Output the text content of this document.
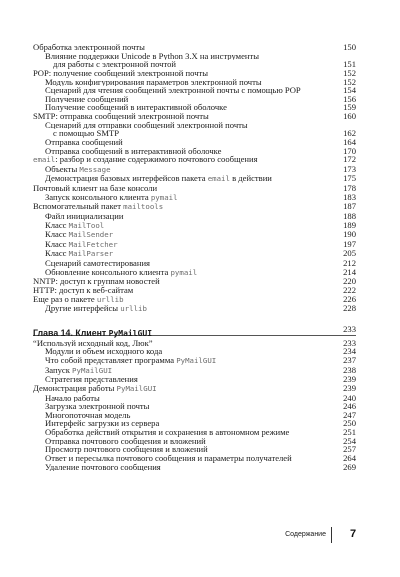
Обработка электронной почты	150
Влияние поддержки Unicode в Python 3.X на инструменты
для работы с электронной почтой	151
POP: получение сообщений электронной почты	152
Модуль конфигурирования параметров электронной почты	152
Сценарий для чтения сообщений электронной почты с помощью POP	154
Получение сообщений	156
Получение сообщений в интерактивной оболочке	159
SMTP: отправка сообщений электронной почты	160
Сценарий для отправки сообщений электронной почты
с помощью SMTP	162
Отправка сообщений	164
Отправка сообщений в интерактивной оболочке	170
email: разбор и создание содержимого почтового сообщения	172
Объекты Message	173
Демонстрация базовых интерфейсов пакета email в действии	175
Почтовый клиент на базе консоли	178
Запуск консольного клиента pymail	183
Вспомогательный пакет mailtools	187
Файл инициализации	188
Класс MailTool	189
Класс MailSender	190
Класс MailFetcher	197
Класс MailParser	205
Сценарий самотестирования	212
Обновление консольного клиента pymail	214
NNTP: доступ к группам новостей	220
HTTP: доступ к веб-сайтам	222
Еще раз о пакете urllib	226
Другие интерфейсы urllib	228
Глава 14. Клиент PyMailGUI	233
“Используй исходный код, Люк”	233
Модули и объем исходного кода	234
Что собой представляет программа PyMailGUI	237
Запуск PyMailGUI	238
Стратегия представления	239
Демонстрация работы PyMailGUI	239
Начало работы	240
Загрузка электронной почты	246
Многопоточная модель	247
Интерфейс загрузки из сервера	250
Обработка действий открытия и сохранения в автономном режиме	251
Отправка почтового сообщения и вложений	254
Просмотр почтового сообщения и вложений	257
Ответ и пересылка почтового сообщения и параметры получателей	264
Удаление почтового сообщения	269
Содержание 7
